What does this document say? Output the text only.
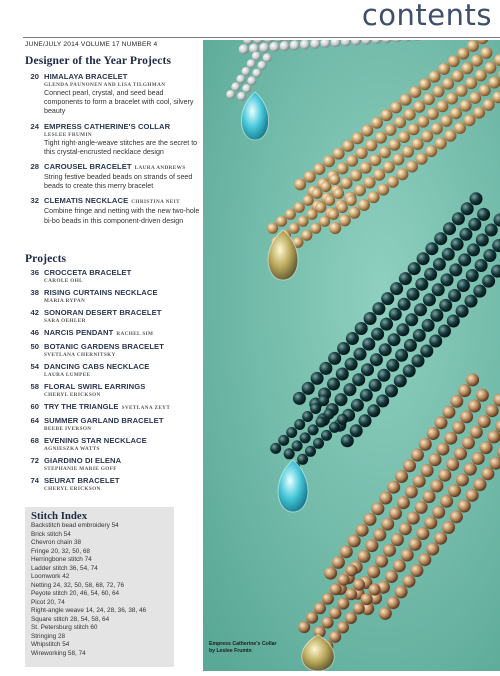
contents
JUNE/JULY 2014 VOLUME 17 NUMBER 4
Designer of the Year Projects
20 HIMALAYA BRACELET
GLENDA PAUNONEN AND LISA TILGHMAN
Connect pearl, crystal, and seed bead components to form a bracelet with cool, silvery beauty
24 EMPRESS CATHERINE'S COLLAR
LESLEE FRUMIN
Tight right-angle-weave stitches are the secret to this crystal-encrusted necklace design
28 CAROUSEL BRACELET LAURA ANDREWS
String festive beaded beads on strands of seed beads to create this merry bracelet
32 CLEMATIS NECKLACE CHRISTINA NEIT
Combine fringe and netting with the new two-hole bi-bo beads in this component-driven design
Projects
36 CROCCETA BRACELET
CAROLE OHL
38 RISING CURTAINS NECKLACE
MARIA RYPAN
42 SONORAN DESERT BRACELET
SARA OEHLER
46 NARCIS PENDANT RACHEL SIM
50 BOTANIC GARDENS BRACELET
SVETLANA CHERNITSKY
54 DANCING CABS NECKLACE
LAURA LUMPEE
58 FLORAL SWIRL EARRINGS
CHERYL ERICKSON
60 TRY THE TRIANGLE SVETLANA ZEYT
64 SUMMER GARLAND BRACELET
BEEBE IVERSON
68 EVENING STAR NECKLACE
AGNIESZKA WATTS
72 GIARDINO DI ELENA
STEPHANIE MARIE GOFF
74 SEURAT BRACELET
CHERYL ERICKSON
Stitch Index
Backstitch bead embroidery 54
Brick stitch 54
Chevron chain 38
Fringe 20, 32, 50, 68
Herringbone stitch 74
Ladder stitch 36, 54, 74
Loomwork 42
Netting 24, 32, 50, 58, 68, 72, 76
Peyote stitch 20, 46, 54, 60, 64
Picot 20, 74
Right-angle weave 14, 24, 28, 36, 38, 46
Square stitch 28, 54, 58, 64
St. Petersburg stitch 60
Stringing 28
Whipstitch 54
Wireworking 58, 74
Empress Catherine's Collar
by Leslee Frumin
